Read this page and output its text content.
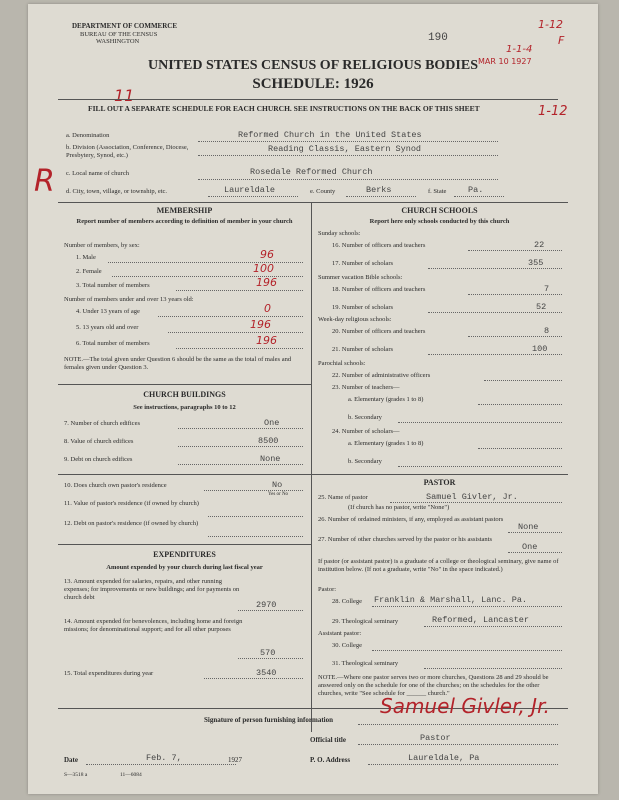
DEPARTMENT OF COMMERCE
BUREAU OF THE CENSUS
WASHINGTON	190
MAR 10 1927
1-12
F
1-1-4
UNITED STATES CENSUS OF RELIGIOUS BODIES
SCHEDULE: 1926
11
FILL OUT A SEPARATE SCHEDULE FOR EACH CHURCH. SEE INSTRUCTIONS ON THE BACK OF THIS SHEET	1-12
a. Denomination	Reformed Church in the United States
b. Division (Association, Conference, Diocese, Presbytery, Synod, etc.)
Reading Classis, Eastern Synod
c. Local name of church	Rosedale Reformed Church
R d. City, town, village, or township, etc.	Laureldale	e. County	Berks	f. State	Pa.
MEMBERSHIP
Report number of members according to definition of member in your church
Number of members, by sex:
1. Male	96
2. Female	100
3. Total number of members	196
Number of members under and over 13 years old:
4. Under 13 years of age	0
5. 13 years old and over	196
6. Total number of members	196
NOTE.—The total given under Question 6 should be the same as the total of males and females given under Question 3.
CHURCH BUILDINGS
See instructions, paragraphs 10 to 12
7. Number of church edifices	One
8. Value of church edifices	8500
9. Debt on church edifices	None
10. Does church own pastor's residence	No
Yes or No
11. Value of pastor's residence (if owned by church)
12. Debt on pastor's residence (if owned by church)
EXPENDITURES
Amount expended by your church during last fiscal year
13. Amount expended for salaries, repairs, and other running expenses; for improvements or new buildings; and for payments on church debt
2970
14. Amount expended for benevolences, including home and foreign missions; for denominational support; and for all other purposes
570
15. Total expenditures during year	3540
CHURCH SCHOOLS
Report here only schools conducted by this church
Sunday schools:
16. Number of officers and teachers	22
17. Number of scholars	355
Summer vacation Bible schools:
18. Number of officers and teachers	7
19. Number of scholars	52
Week-day religious schools:
20. Number of officers and teachers	8
21. Number of scholars	100
Parochial schools:
22. Number of administrative officers
23. Number of teachers—
a. Elementary (grades 1 to 8)
b. Secondary
24. Number of scholars—
a. Elementary (grades 1 to 8)
b. Secondary
PASTOR
25. Name of pastor	Samuel Givler, Jr.
(If church has no pastor, write "None")
26. Number of ordained ministers, if any, employed as assistant pastors
None
27. Number of other churches served by the pastor or his assistants
One
If pastor (or assistant pastor) is a graduate of a college or theological seminary, give name of institution below. (If not a graduate, write "No" in the space indicated.)
Pastor:
28. College Franklin & Marshall, Lanc. Pa.
29. Theological seminary	Reformed, Lancaster
Assistant pastor:
30. College
31. Theological seminary
NOTE.—Where one pastor serves two or more churches, Questions 28 and 29 should be answered only on the schedule for one of the churches; on the schedules for the other churches, write "See schedule for ______ church."
Signature of person furnishing information
Samuel Givler, Jr.
Official title	Pastor
Date	Feb. 7,	1927	P. O. Address	Laureldale, Pa
S—3518 a	11—6084
